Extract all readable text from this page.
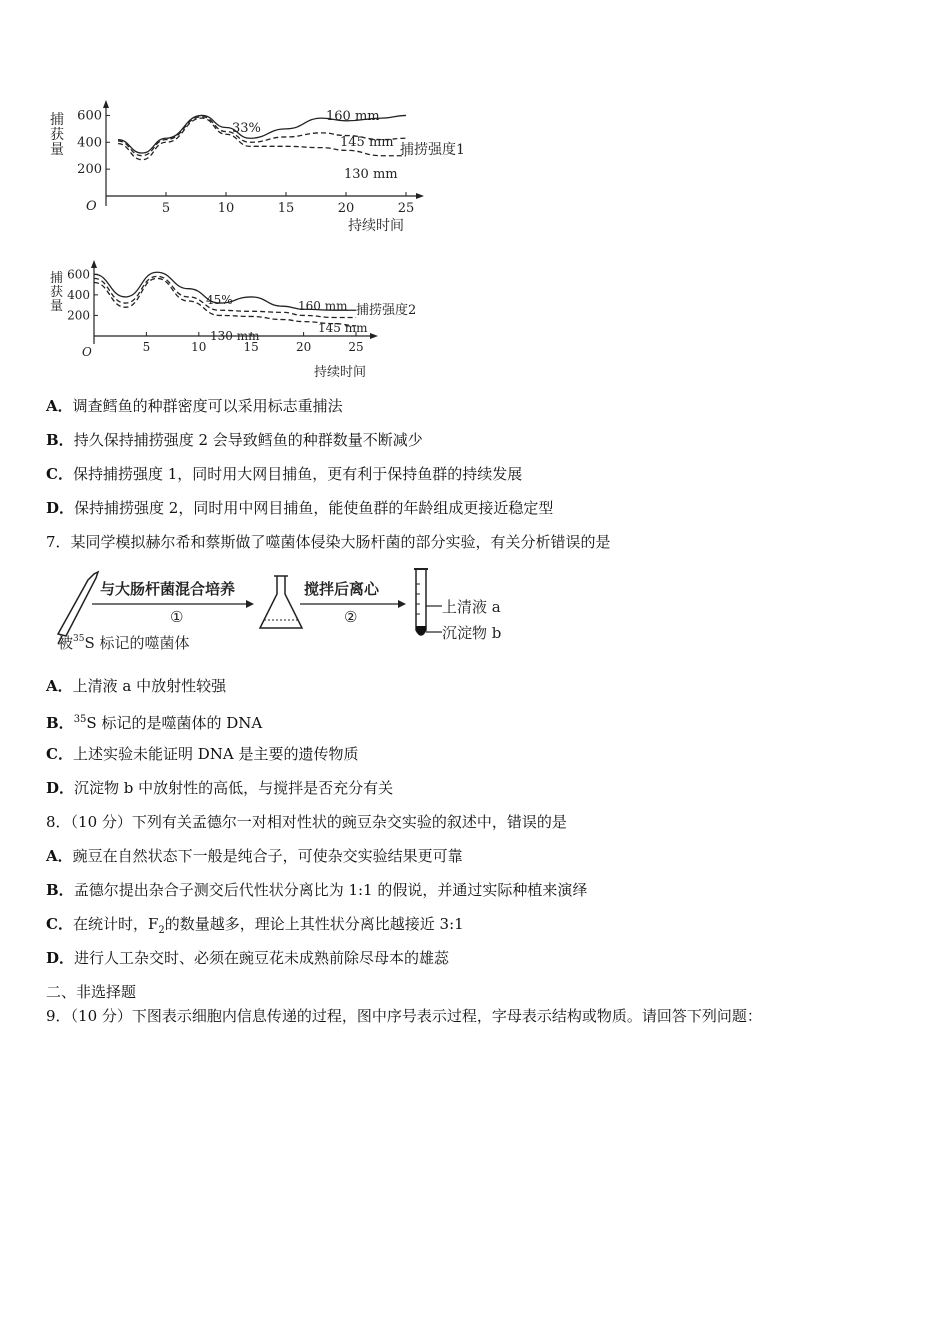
200
400
600
5	10	15	20	25
捕获量
O
持续时间
捕捞强度1
33%
160 mm
145 mm
130 mm
200
400
600
5	10	15	20	25
捕获量
O
持续时间
捕捞强度2
45%	160 mm
145 mm
130 mm
A．调查鳕鱼的种群密度可以采用标志重捕法
B．持久保持捕捞强度 2 会导致鳕鱼的种群数量不断减少
C．保持捕捞强度 1，同时用大网目捕鱼，更有利于保持鱼群的持续发展
D．保持捕捞强度 2，同时用中网目捕鱼，能使鱼群的年龄组成更接近稳定型
7．某同学模拟赫尔希和蔡斯做了噬菌体侵染大肠杆菌的部分实验，有关分析错误的是
与大肠杆菌混合培养
①
搅拌后离心
②
上清液 a
沉淀物 b
被$^{35}$S 标记的噬菌体
A．上清液 a 中放射性较强
B．$^{35}$S 标记的是噬菌体的 DNA
C．上述实验未能证明 DNA 是主要的遗传物质
D．沉淀物 b 中放射性的高低，与搅拌是否充分有关
8．（10 分）下列有关孟德尔一对相对性状的豌豆杂交实验的叙述中，错误的是
A．豌豆在自然状态下一般是纯合子，可使杂交实验结果更可靠
B．孟德尔提出杂合子测交后代性状分离比为 1:1 的假说，并通过实际种植来演绎
C．在统计时，$F_2$的数量越多，理论上其性状分离比越接近 3:1
D．进行人工杂交时、必须在豌豆花未成熟前除尽母本的雄蕊
二、非选择题
9．（10 分）下图表示细胞内信息传递的过程，图中序号表示过程，字母表示结构或物质。请回答下列问题：
